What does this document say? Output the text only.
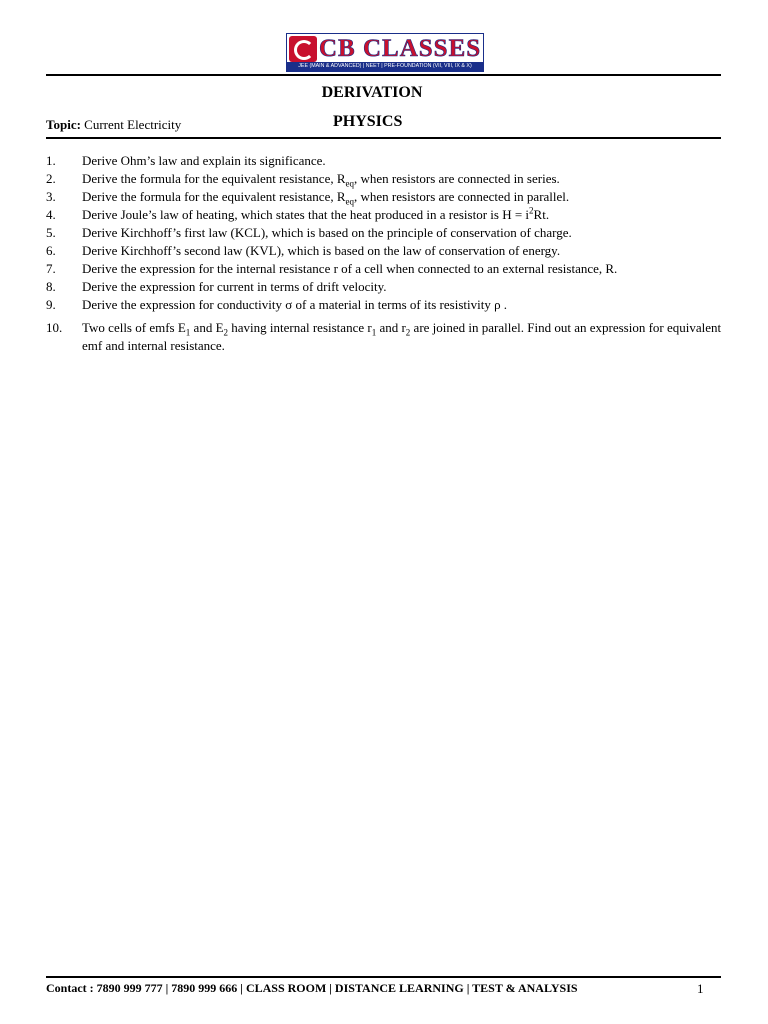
CB CLASSES
JEE (MAIN & ADVANCED) | NEET | PRE-FOUNDATION (VII, VIII, IX & X)
DERIVATION
Topic: Current Electricity	PHYSICS
1. Derive Ohm’s law and explain its significance.
2. Derive the formula for the equivalent resistance, $R_{eq}$, when resistors are connected in series.
3. Derive the formula for the equivalent resistance, $R_{eq}$, when resistors are connected in parallel.
4. Derive Joule’s law of heating, which states that the heat produced in a resistor is $H = i^2Rt$.
5. Derive Kirchhoff’s first law (KCL), which is based on the principle of conservation of charge.
6. Derive Kirchhoff’s second law (KVL), which is based on the law of conservation of energy.
7. Derive the expression for the internal resistance r of a cell when connected to an external resistance, R.
8. Derive the expression for current in terms of drift velocity.
9. Derive the expression for conductivity σ of a material in terms of its resistivity ρ .
10. Two cells of emfs $E_1$ and $E_2$ having internal resistance $r_1$ and $r_2$ are joined in parallel. Find out an expression for equivalent emf and internal resistance.
Contact : 7890 999 777 | 7890 999 666 | CLASS ROOM | DISTANCE LEARNING | TEST & ANALYSIS	1
